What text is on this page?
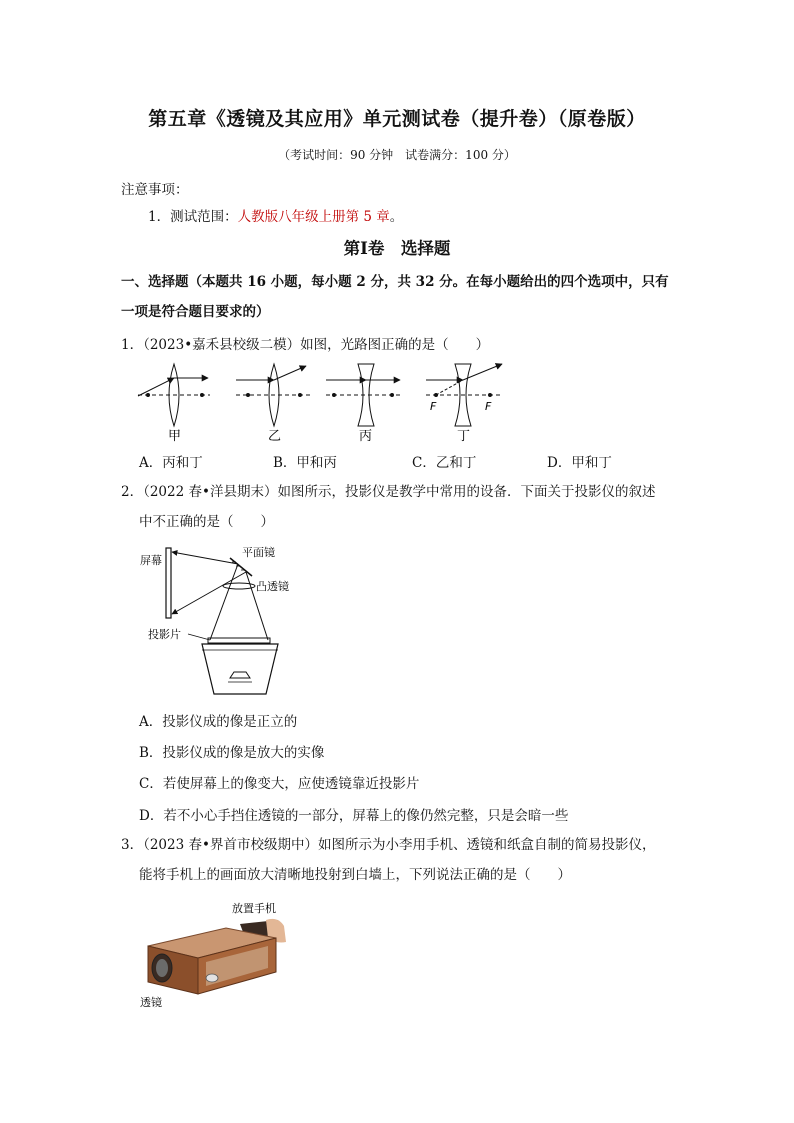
第五章《透镜及其应用》单元测试卷（提升卷）（原卷版）
（考试时间：90 分钟　试卷满分：100 分）
注意事项：
1．测试范围：人教版八年级上册第 5 章。
第Ⅰ卷　选择题
一、选择题（本题共 16 小题，每小题 2 分，共 32 分。在每小题给出的四个选项中，只有
一项是符合题目要求的）
1．（2023•嘉禾县校级二模）如图，光路图正确的是（　　）
F	F
甲	乙	丙	丁
A．丙和丁	B．甲和丙	C．乙和丁	D．甲和丁
2．（2022 春•洋县期末）如图所示，投影仪是教学中常用的设备．下面关于投影仪的叙述
中不正确的是（　　）
屏幕
平面镜
凸透镜
投影片
A．投影仪成的像是正立的
B．投影仪成的像是放大的实像
C．若使屏幕上的像变大，应使透镜靠近投影片
D．若不小心手挡住透镜的一部分，屏幕上的像仍然完整，只是会暗一些
3．（2023 春•界首市校级期中）如图所示为小李用手机、透镜和纸盒自制的简易投影仪，
能将手机上的画面放大清晰地投射到白墙上，下列说法正确的是（　　）
放置手机
透镜
